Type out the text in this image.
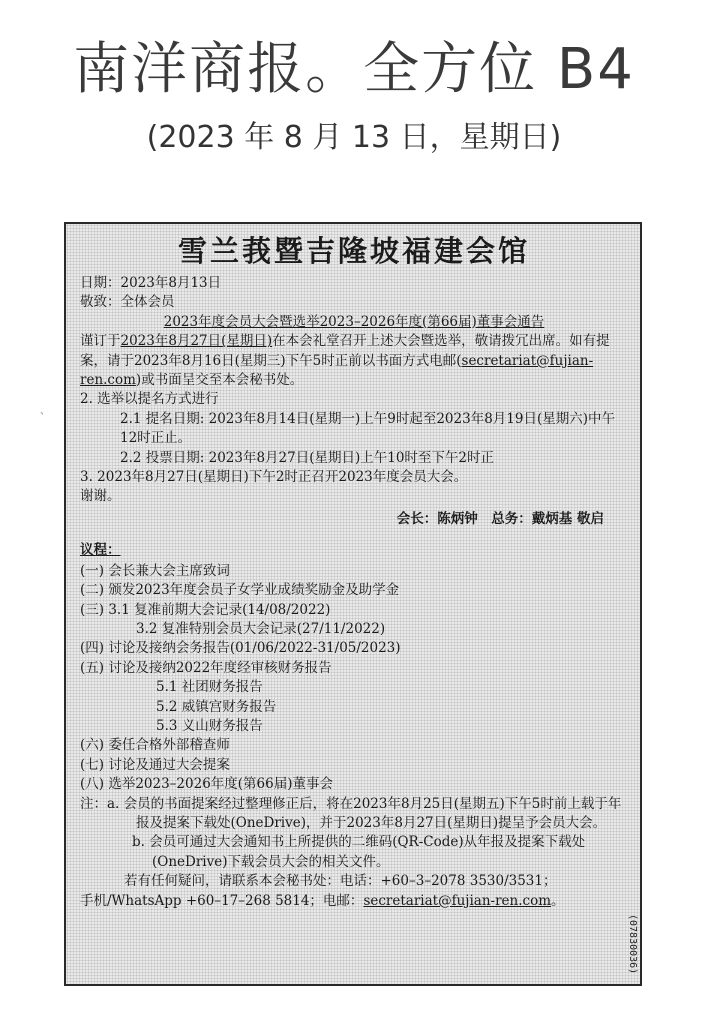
南洋商报。全方位 B4
(2023 年 8 月 13 日，星期日)
、
雪兰莪暨吉隆坡福建会馆
日期：2023年8月13日
敬致：全体会员
2023年度会员大会暨选举2023–2026年度(第66届)董事会通告
谨订于2023年8月27日(星期日)在本会礼堂召开上述大会暨选举，敬请拨冗出席。如有提案，请于2023年8月16日(星期三)下午5时正前以书面方式电邮(secretariat@fujian-ren.com)或书面呈交至本会秘书处。
2. 选举以提名方式进行
2.1 提名日期: 2023年8月14日(星期一)上午9时起至2023年8月19日(星期六)中午12时正止。
2.2 投票日期: 2023年8月27日(星期日)上午10时至下午2时正
3. 2023年8月27日(星期日)下午2时正召开2023年度会员大会。
谢谢。
会长：陈炳钟　总务：戴炳基 敬启
议程：
(一) 会长兼大会主席致词
(二) 颁发2023年度会员子女学业成绩奖励金及助学金
(三) 3.1 复准前期大会记录(14/08/2022)
3.2 复准特别会员大会记录(27/11/2022)
(四) 讨论及接纳会务报告(01/06/2022-31/05/2023)
(五) 讨论及接纳2022年度经审核财务报告
5.1 社团财务报告
5.2 威镇宫财务报告
5.3 义山财务报告
(六) 委任合格外部稽查师
(七) 讨论及通过大会提案
(八) 选举2023–2026年度(第66届)董事会
注：a. 会员的书面提案经过整理修正后，将在2023年8月25日(星期五)下午5时前上载于年报及提案下载处(OneDrive)，并于2023年8月27日(星期日)提呈予会员大会。
b. 会员可通过大会通知书上所提供的二维码(QR-Code)从年报及提案下载处(OneDrive)下载会员大会的相关文件。
若有任何疑问，请联系本会秘书处：电话：+60–3–2078 3530/3531；
手机/WhatsApp +60–17–268 5814；电邮：secretariat@fujian-ren.com。
(07830036)
